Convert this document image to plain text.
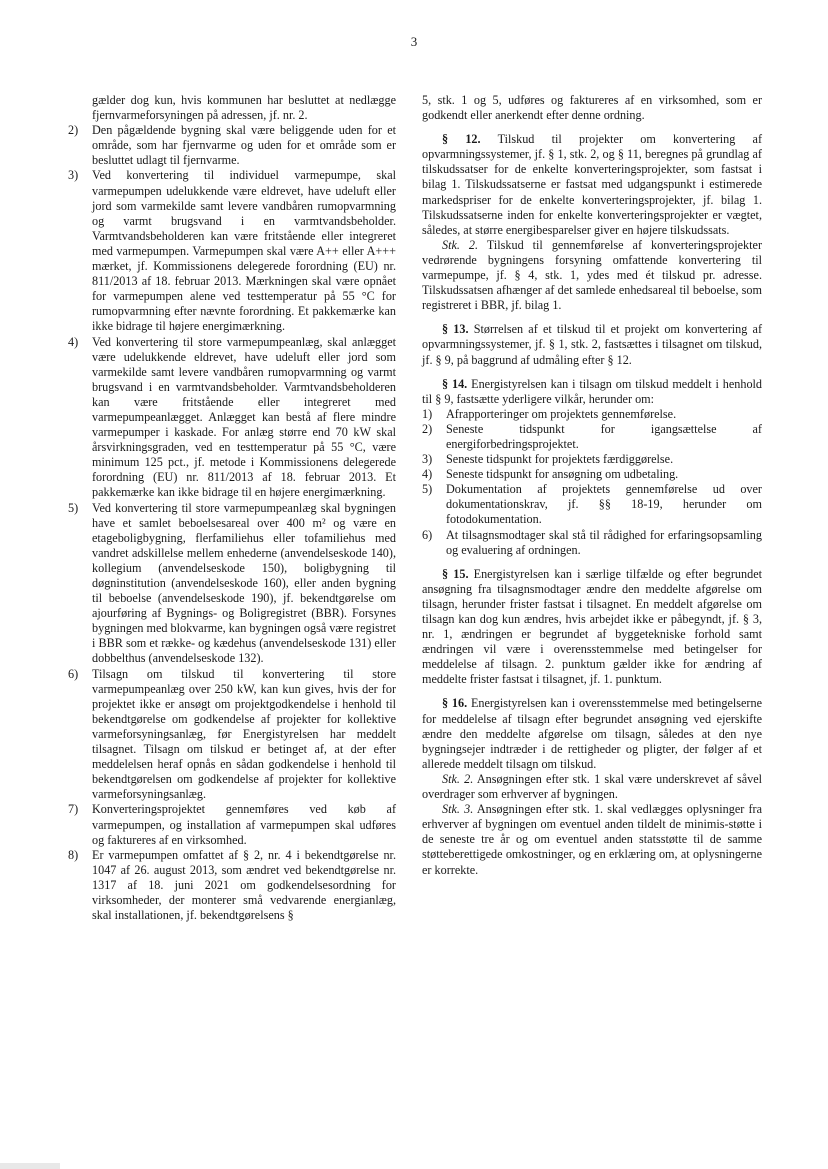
3
gælder dog kun, hvis kommunen har besluttet at nedlægge fjernvarmeforsyningen på adressen, jf. nr. 2.
2)	Den pågældende bygning skal være beliggende uden for et område, som har fjernvarme og uden for et område som er besluttet udlagt til fjernvarme.
3)	Ved konvertering til individuel varmepumpe, skal varmepumpen udelukkende være eldrevet, have udeluft eller jord som varmekilde samt levere vandbåren rumopvarmning og varmt brugsvand i en varmtvandsbeholder. Varmtvandsbeholderen kan være fritstående eller integreret med varmepumpen. Varmepumpen skal være A++ eller A+++ mærket, jf. Kommissionens delegerede forordning (EU) nr. 811/2013 af 18. februar 2013. Mærkningen skal være opnået for varmepumpen alene ved testtemperatur på 55 °C for rumopvarmning efter nævnte forordning. Et pakkemærke kan ikke bidrage til højere energimærkning.
4)	Ved konvertering til store varmepumpeanlæg, skal anlægget være udelukkende eldrevet, have udeluft eller jord som varmekilde samt levere vandbåren rumopvarmning og varmt brugsvand i en varmtvandsbeholder. Varmtvandsbeholderen kan være fritstående eller integreret med varmepumpeanlægget. Anlægget kan bestå af flere mindre varmepumper i kaskade. For anlæg større end 70 kW skal årsvirkningsgraden, ved en testtemperatur på 55 °C, være minimum 125 pct., jf. metode i Kommissionens delegerede forordning (EU) nr. 811/2013 af 18. februar 2013. Et pakkemærke kan ikke bidrage til en højere energimærkning.
5)	Ved konvertering til store varmepumpeanlæg skal bygningen have et samlet beboelsesareal over 400 m² og være en etageboligbygning, flerfamiliehus eller tofamiliehus med vandret adskillelse mellem enhederne (anvendelseskode 140), kollegium (anvendelseskode 150), boligbygning til døgninstitution (anvendelseskode 160), eller anden bygning til beboelse (anvendelseskode 190), jf. bekendtgørelse om ajourføring af Bygnings- og Boligregistret (BBR). Forsynes bygningen med blokvarme, kan bygningen også være registret i BBR som et række- og kædehus (anvendelseskode 131) eller dobbelthus (anvendelseskode 132).
6)	Tilsagn om tilskud til konvertering til store varmepumpeanlæg over 250 kW, kan kun gives, hvis der for projektet ikke er ansøgt om projektgodkendelse i henhold til bekendtgørelse om godkendelse af projekter for kollektive varmeforsyningsanlæg, før Energistyrelsen har meddelt tilsagnet. Tilsagn om tilskud er betinget af, at der efter meddelelsen heraf opnås en sådan godkendelse i henhold til bekendtgørelsen om godkendelse af projekter for kollektive varmeforsyningsanlæg.
7)	Konverteringsprojektet gennemføres ved køb af varmepumpen, og installation af varmepumpen skal udføres og faktureres af en virksomhed.
8)	Er varmepumpen omfattet af § 2, nr. 4 i bekendtgørelse nr. 1047 af 26. august 2013, som ændret ved bekendtgørelse nr. 1317 af 18. juni 2021 om godkendelsesordning for virksomheder, der monterer små vedvarende energianlæg, skal installationen, jf. bekendtgørelsens §
5, stk. 1 og 5, udføres og faktureres af en virksomhed, som er godkendt eller anerkendt efter denne ordning.

§ 12. Tilskud til projekter om konvertering af opvarmningssystemer, jf. § 1, stk. 2, og § 11, beregnes på grundlag af tilskudssatser for de enkelte konverteringsprojekter, som fastsat i bilag 1. Tilskudssatserne er fastsat med udgangspunkt i estimerede markedspriser for de enkelte konverteringsprojekter, jf. bilag 1. Tilskudssatserne inden for enkelte konverteringsprojekter er vægtet, således, at større energibesparelser giver en højere tilskudssats.

Stk. 2. Tilskud til gennemførelse af konverteringsprojekter vedrørende bygningens forsyning omfattende konvertering til varmepumpe, jf. § 4, stk. 1, ydes med ét tilskud pr. adresse. Tilskudssatsen afhænger af det samlede enhedsareal til beboelse, som registreret i BBR, jf. bilag 1.

§ 13. Størrelsen af et tilskud til et projekt om konvertering af opvarmningssystemer, jf. § 1, stk. 2, fastsættes i tilsagnet om tilskud, jf. § 9, på baggrund af udmåling efter § 12.

§ 14. Energistyrelsen kan i tilsagn om tilskud meddelt i henhold til § 9, fastsætte yderligere vilkår, herunder om:

1)	Afrapporteringer om projektets gennemførelse.
2)	Seneste tidspunkt for igangsættelse af energiforbedringsprojektet.
3)	Seneste tidspunkt for projektets færdiggørelse.
4)	Seneste tidspunkt for ansøgning om udbetaling.
5)	Dokumentation af projektets gennemførelse ud over dokumentationskrav, jf. §§ 18-19, herunder om fotodokumentation.
6)	At tilsagnsmodtager skal stå til rådighed for erfaringsopsamling og evaluering af ordningen.

§ 15. Energistyrelsen kan i særlige tilfælde og efter begrundet ansøgning fra tilsagnsmodtager ændre den meddelte afgørelse om tilsagn, herunder frister fastsat i tilsagnet. En meddelt afgørelse om tilsagn kan dog kun ændres, hvis arbejdet ikke er påbegyndt, jf. § 3, nr. 1, ændringen er begrundet af byggetekniske forhold samt ændringen vil være i overensstemmelse med betingelser for meddelelse af tilsagn. 2. punktum gælder ikke for ændring af meddelte frister fastsat i tilsagnet, jf. 1. punktum.

§ 16. Energistyrelsen kan i overensstemmelse med betingelserne for meddelelse af tilsagn efter begrundet ansøgning ved ejerskifte ændre den meddelte afgørelse om tilsagn, således at den nye bygningsejer indtræder i de rettigheder og pligter, der følger af et allerede meddelt tilsagn om tilskud.

Stk. 2. Ansøgningen efter stk. 1 skal være underskrevet af såvel overdrager som erhverver af bygningen.

Stk. 3. Ansøgningen efter stk. 1. skal vedlægges oplysninger fra erhverver af bygningen om eventuel anden tildelt de minimis-støtte i de seneste tre år og om eventuel anden statsstøtte til de samme støtteberettigede omkostninger, og en erklæring om, at oplysningerne er korrekte.
